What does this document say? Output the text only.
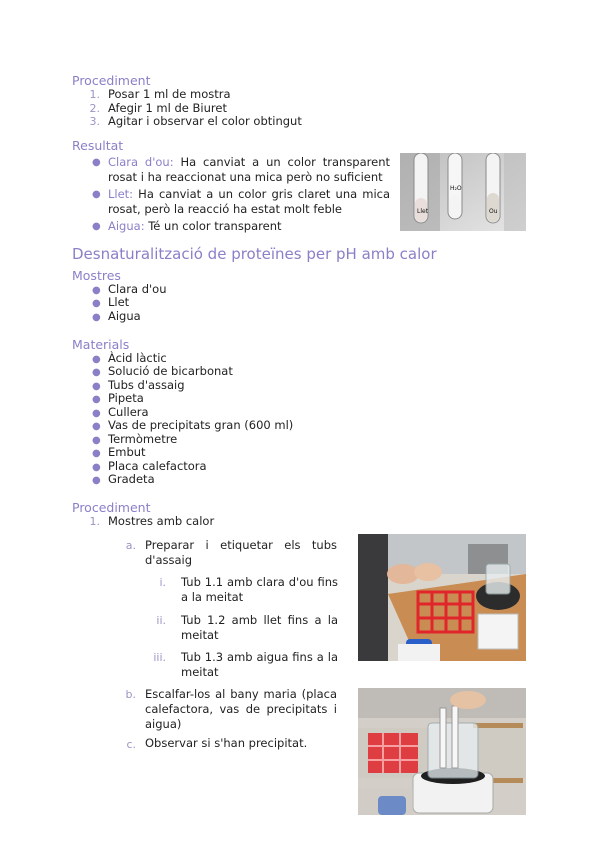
Procediment
1. Posar 1 ml de mostra
2. Afegir 1 ml de Biuret
3. Agitar i observar el color obtingut
Resultat
● Clara d'ou: Ha canviat a un color transparent rosat i ha reaccionat una mica però no suficient
● Llet: Ha canviat a un color gris claret una mica rosat, però la reacció ha estat molt feble
● Aigua: Té un color transparent
Llet
H₂O
Ou
Desnaturalització de proteïnes per pH amb calor
Mostres
● Clara d'ou
● Llet
● Aigua
Materials
● Àcid làctic
● Solució de bicarbonat
● Tubs d'assaig
● Pipeta
● Cullera
● Vas de precipitats gran (600 ml)
● Termòmetre
● Embut
● Placa calefactora
● Gradeta
Procediment
1. Mostres amb calor
a. Preparar i etiquetar els tubs d'assaig
i. Tub 1.1 amb clara d'ou fins a la meitat
ii. Tub 1.2 amb llet fins a la meitat
iii. Tub 1.3 amb aigua fins a la meitat
b. Escalfar-los al bany maria (placa calefactora, vas de precipitats i aigua)
c. Observar si s'han precipitat.
